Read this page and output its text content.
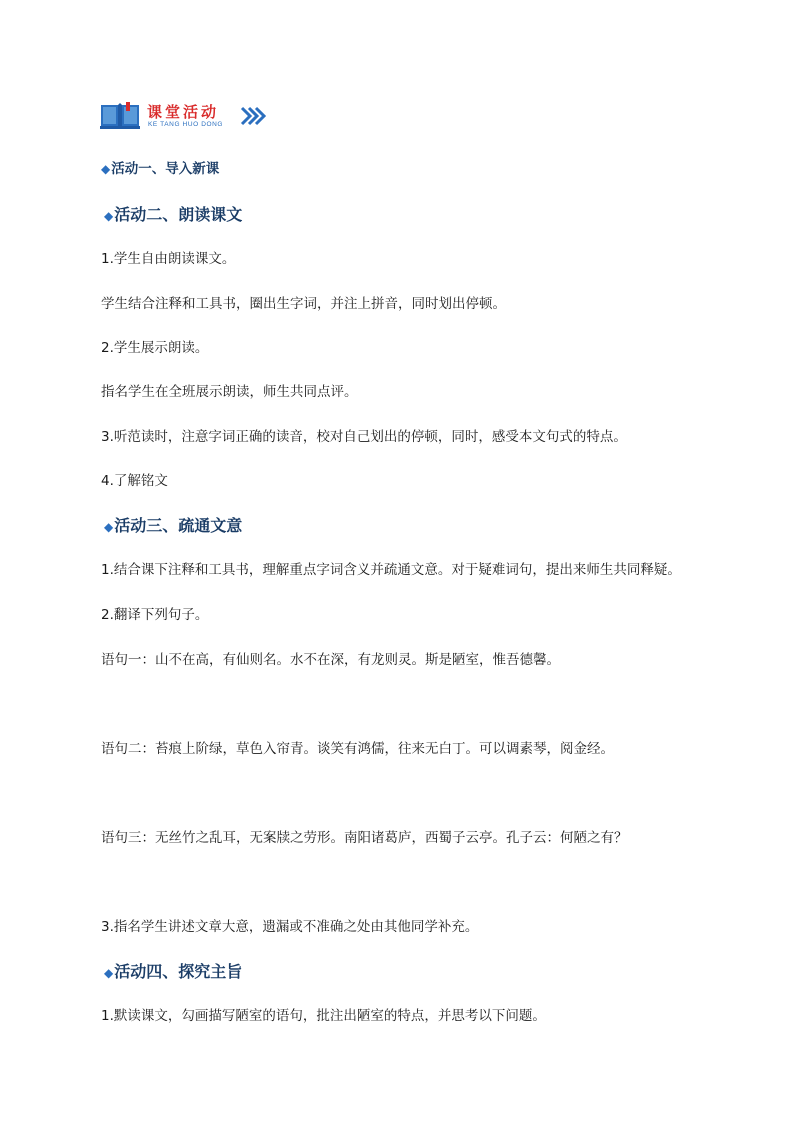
课堂活动
KE TANG HUO DONG
◆活动一、导入新课
◆活动二、朗读课文
1.学生自由朗读课文。
学生结合注释和工具书，圈出生字词，并注上拼音，同时划出停顿。
2.学生展示朗读。
指名学生在全班展示朗读，师生共同点评。
3.听范读时，注意字词正确的读音，校对自己划出的停顿，同时，感受本文句式的特点。
4.了解铭文
◆活动三、疏通文意
1.结合课下注释和工具书，理解重点字词含义并疏通文意。对于疑难词句，提出来师生共同释疑。
2.翻译下列句子。
语句一：山不在高，有仙则名。水不在深，有龙则灵。斯是陋室，惟吾德馨。
语句二：苔痕上阶绿，草色入帘青。谈笑有鸿儒，往来无白丁。可以调素琴，阅金经。
语句三：无丝竹之乱耳，无案牍之劳形。南阳诸葛庐，西蜀子云亭。孔子云：何陋之有？
3.指名学生讲述文章大意，遗漏或不准确之处由其他同学补充。
◆活动四、探究主旨
1.默读课文，勾画描写陋室的语句，批注出陋室的特点，并思考以下问题。
